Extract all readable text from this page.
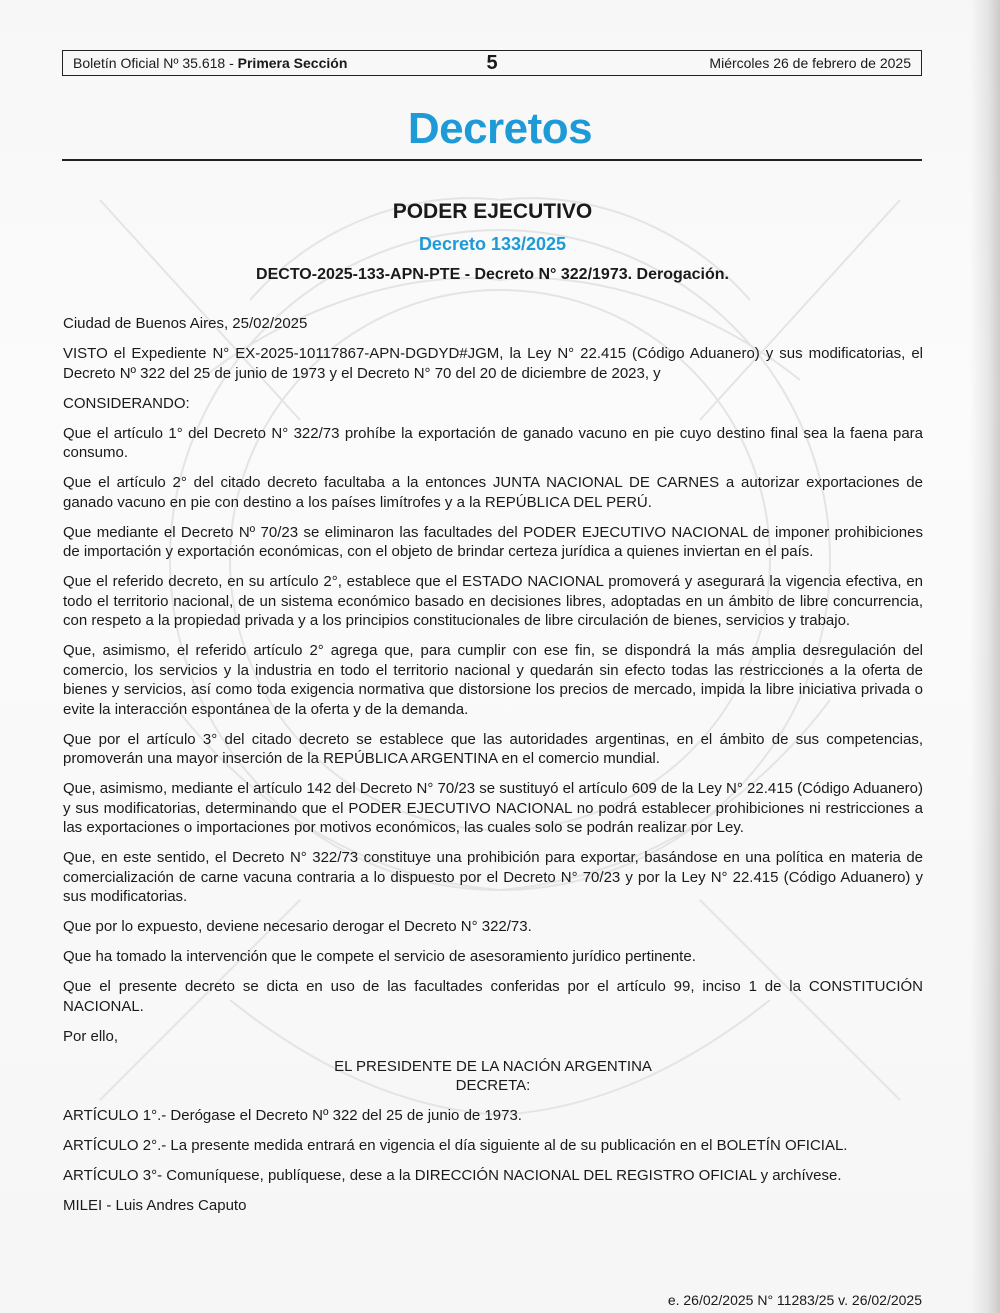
Boletín Oficial Nº 35.618 - Primera Sección	5	Miércoles 26 de febrero de 2025
Decretos
PODER EJECUTIVO
Decreto 133/2025
DECTO-2025-133-APN-PTE - Decreto N° 322/1973. Derogación.

Ciudad de Buenos Aires, 25/02/2025

VISTO el Expediente N° EX-2025-10117867-APN-DGDYD#JGM, la Ley N° 22.415 (Código Aduanero) y sus modificatorias, el Decreto Nº 322 del 25 de junio de 1973 y el Decreto N° 70 del 20 de diciembre de 2023, y

CONSIDERANDO:

Que el artículo 1° del Decreto N° 322/73 prohíbe la exportación de ganado vacuno en pie cuyo destino final sea la faena para consumo.

Que el artículo 2° del citado decreto facultaba a la entonces JUNTA NACIONAL DE CARNES a autorizar exportaciones de ganado vacuno en pie con destino a los países limítrofes y a la REPÚBLICA DEL PERÚ.

Que mediante el Decreto Nº 70/23 se eliminaron las facultades del PODER EJECUTIVO NACIONAL de imponer prohibiciones de importación y exportación económicas, con el objeto de brindar certeza jurídica a quienes inviertan en el país.

Que el referido decreto, en su artículo 2°, establece que el ESTADO NACIONAL promoverá y asegurará la vigencia efectiva, en todo el territorio nacional, de un sistema económico basado en decisiones libres, adoptadas en un ámbito de libre concurrencia, con respeto a la propiedad privada y a los principios constitucionales de libre circulación de bienes, servicios y trabajo.

Que, asimismo, el referido artículo 2° agrega que, para cumplir con ese fin, se dispondrá la más amplia desregulación del comercio, los servicios y la industria en todo el territorio nacional y quedarán sin efecto todas las restricciones a la oferta de bienes y servicios, así como toda exigencia normativa que distorsione los precios de mercado, impida la libre iniciativa privada o evite la interacción espontánea de la oferta y de la demanda.

Que por el artículo 3° del citado decreto se establece que las autoridades argentinas, en el ámbito de sus competencias, promoverán una mayor inserción de la REPÚBLICA ARGENTINA en el comercio mundial.

Que, asimismo, mediante el artículo 142 del Decreto N° 70/23 se sustituyó el artículo 609 de la Ley N° 22.415 (Código Aduanero) y sus modificatorias, determinando que el PODER EJECUTIVO NACIONAL no podrá establecer prohibiciones ni restricciones a las exportaciones o importaciones por motivos económicos, las cuales solo se podrán realizar por Ley.

Que, en este sentido, el Decreto N° 322/73 constituye una prohibición para exportar, basándose en una política en materia de comercialización de carne vacuna contraria a lo dispuesto por el Decreto N° 70/23 y por la Ley N° 22.415 (Código Aduanero) y sus modificatorias.

Que por lo expuesto, deviene necesario derogar el Decreto N° 322/73.

Que ha tomado la intervención que le compete el servicio de asesoramiento jurídico pertinente.

Que el presente decreto se dicta en uso de las facultades conferidas por el artículo 99, inciso 1 de la CONSTITUCIÓN NACIONAL.

Por ello,

EL PRESIDENTE DE LA NACIÓN ARGENTINA

DECRETA:

ARTÍCULO 1°.- Derógase el Decreto Nº 322 del 25 de junio de 1973.

ARTÍCULO 2°.- La presente medida entrará en vigencia el día siguiente al de su publicación en el BOLETÍN OFICIAL.

ARTÍCULO 3°- Comuníquese, publíquese, dese a la DIRECCIÓN NACIONAL DEL REGISTRO OFICIAL y archívese.

MILEI - Luis Andres Caputo

e. 26/02/2025 N° 11283/25 v. 26/02/2025
